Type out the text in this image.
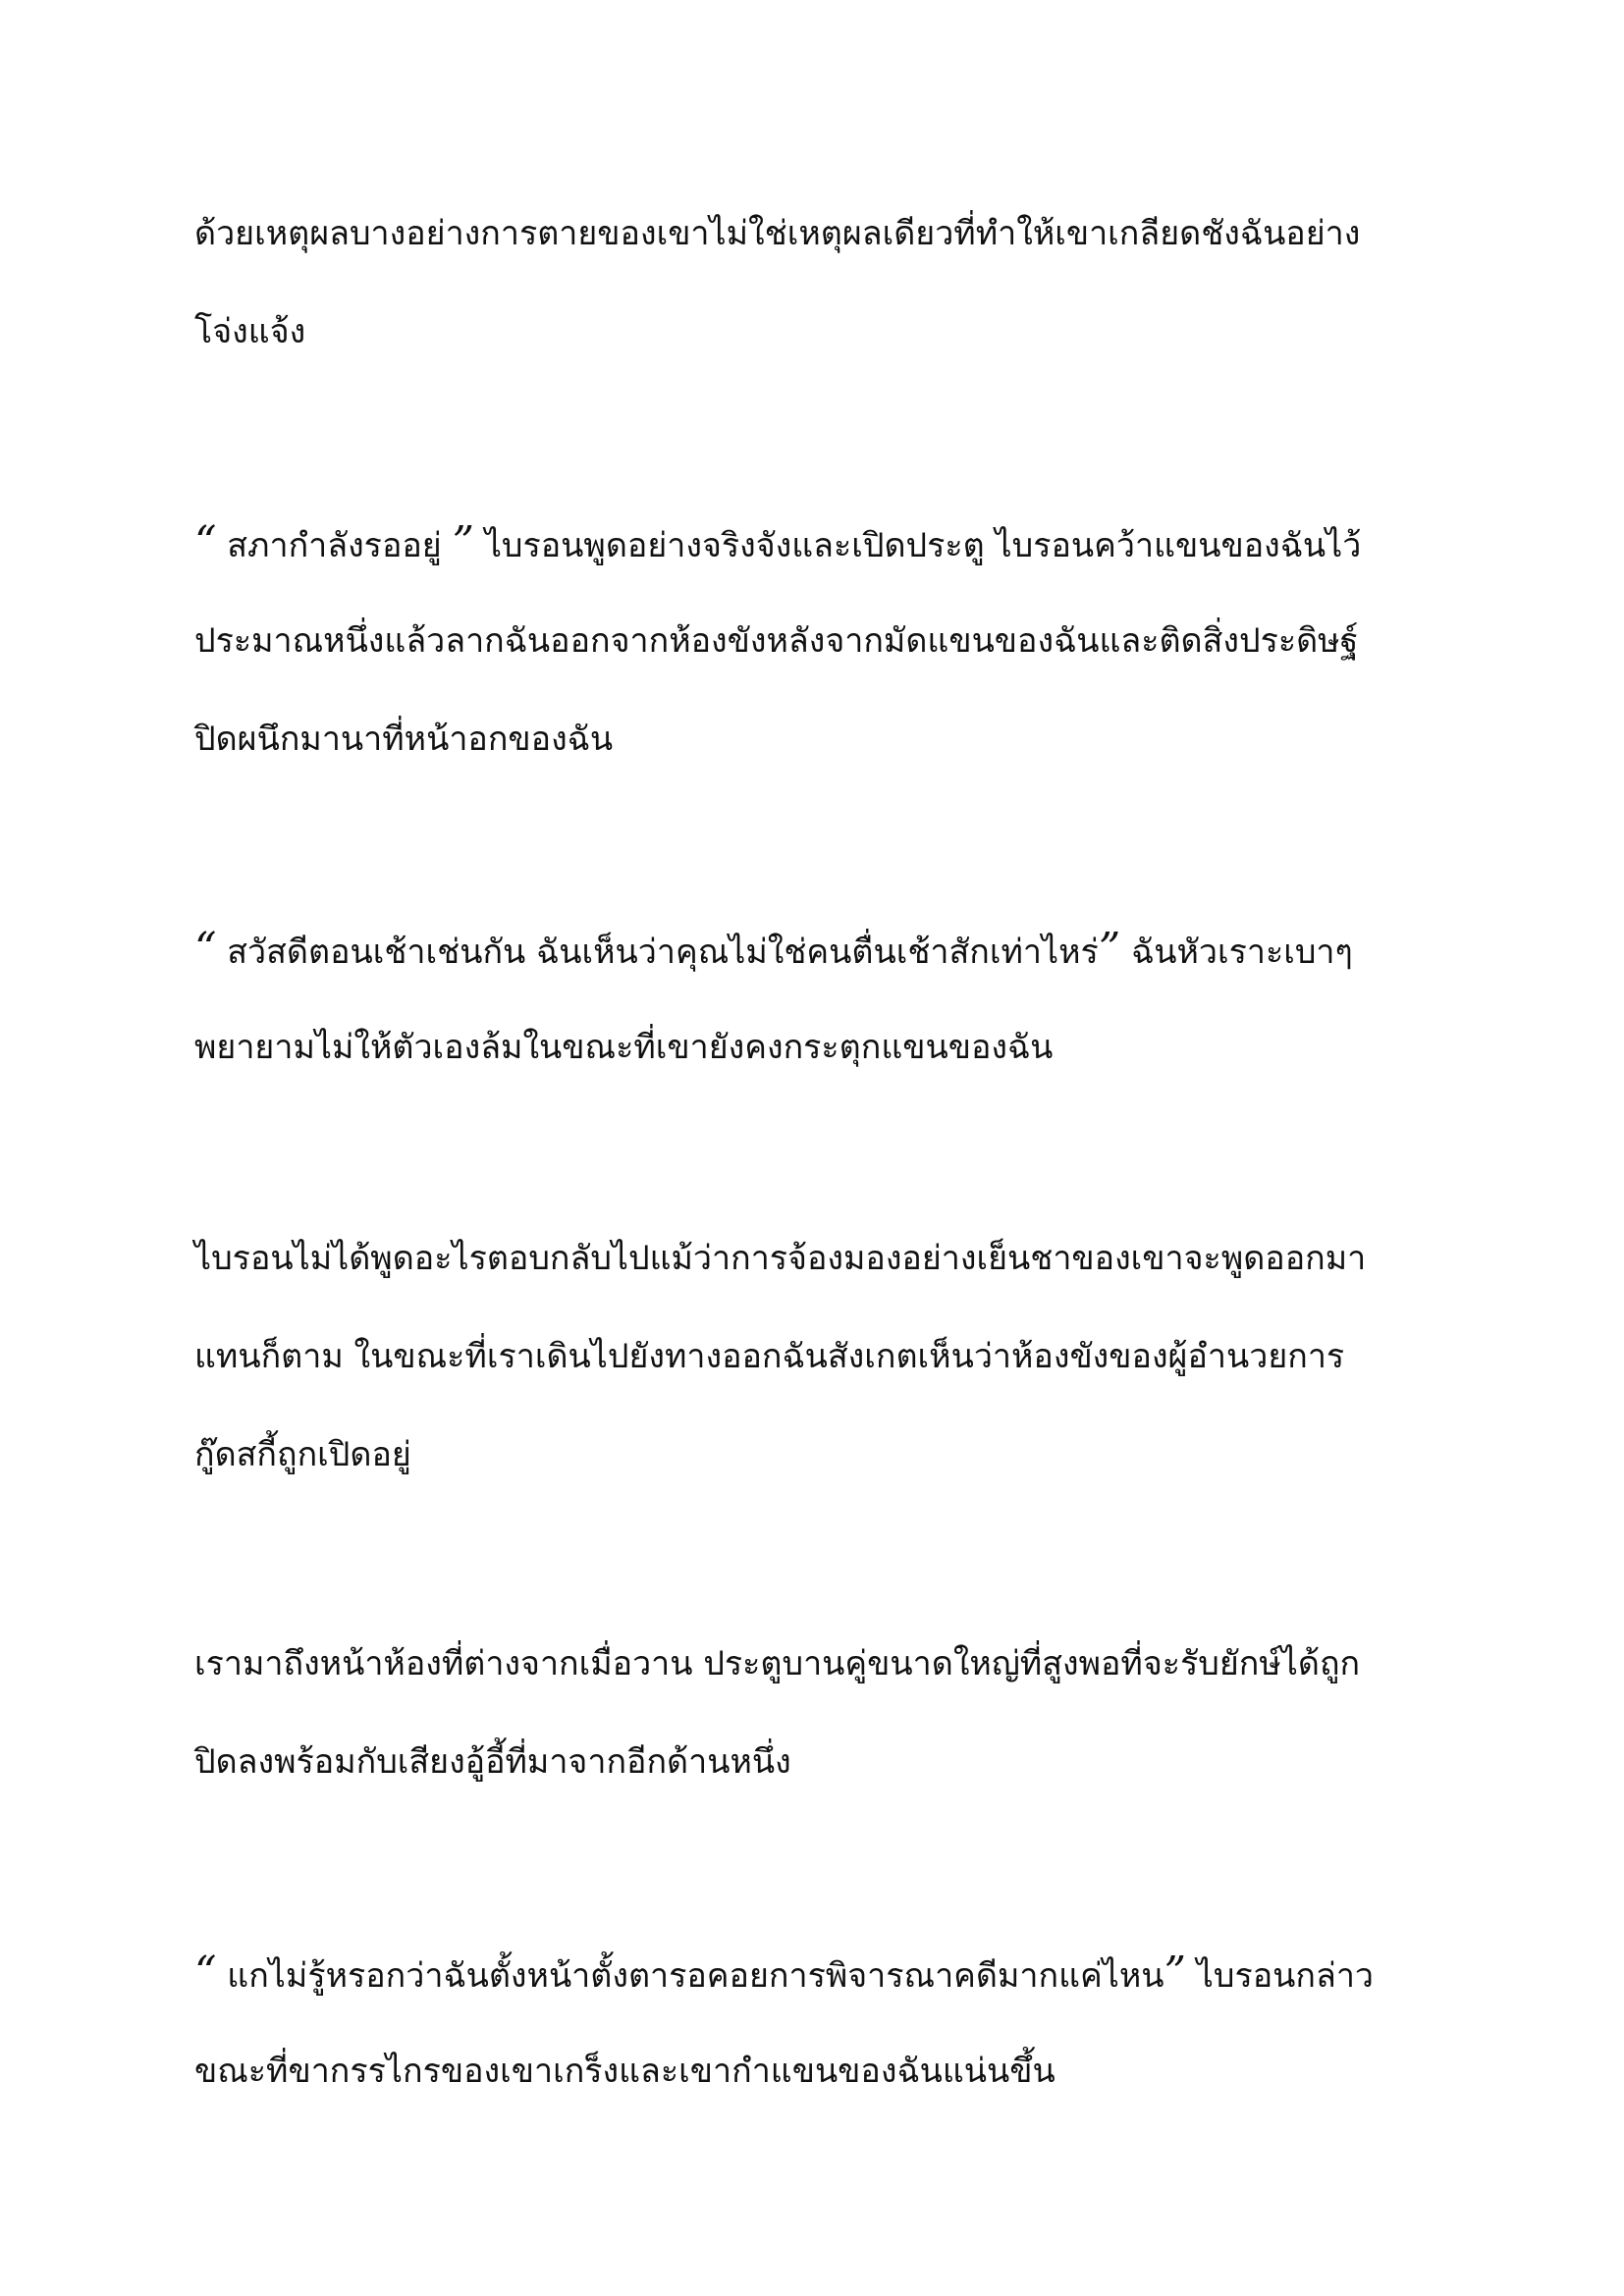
ด้วยเหตุผลบางอย่างการตายของเขาไม่ใช่เหตุผลเดียวที่ทำให้เขาเกลียดชังฉันอย่าง
โจ่งแจ้ง

“ สภากำลังรออยู่ ” ไบรอนพูดอย่างจริงจังและเปิดประตู ไบรอนคว้าแขนของฉันไว้
ประมาณหนึ่งแล้วลากฉันออกจากห้องขังหลังจากมัดแขนของฉันและติดสิ่งประดิษฐ์
ปิดผนึกมานาที่หน้าอกของฉัน

“ สวัสดีตอนเช้าเช่นกัน ฉันเห็นว่าคุณไม่ใช่คนตื่นเช้าสักเท่าไหร่” ฉันหัวเราะเบาๆ
พยายามไม่ให้ตัวเองล้มในขณะที่เขายังคงกระตุกแขนของฉัน

ไบรอนไม่ได้พูดอะไรตอบกลับไปแม้ว่าการจ้องมองอย่างเย็นชาของเขาจะพูดออกมา
แทนก็ตาม ในขณะที่เราเดินไปยังทางออกฉันสังเกตเห็นว่าห้องขังของผู้อำนวยการ
กู๊ดสกี้ถูกเปิดอยู่

เรามาถึงหน้าห้องที่ต่างจากเมื่อวาน ประตูบานคู่ขนาดใหญ่ที่สูงพอที่จะรับยักษ์ได้ถูก
ปิดลงพร้อมกับเสียงอู้อี้ที่มาจากอีกด้านหนึ่ง

“ แกไม่รู้หรอกว่าฉันตั้งหน้าตั้งตารอคอยการพิจารณาคดีมากแค่ไหน” ไบรอนกล่าว
ขณะที่ขากรรไกรของเขาเกร็งและเขากำแขนของฉันแน่นขึ้น
